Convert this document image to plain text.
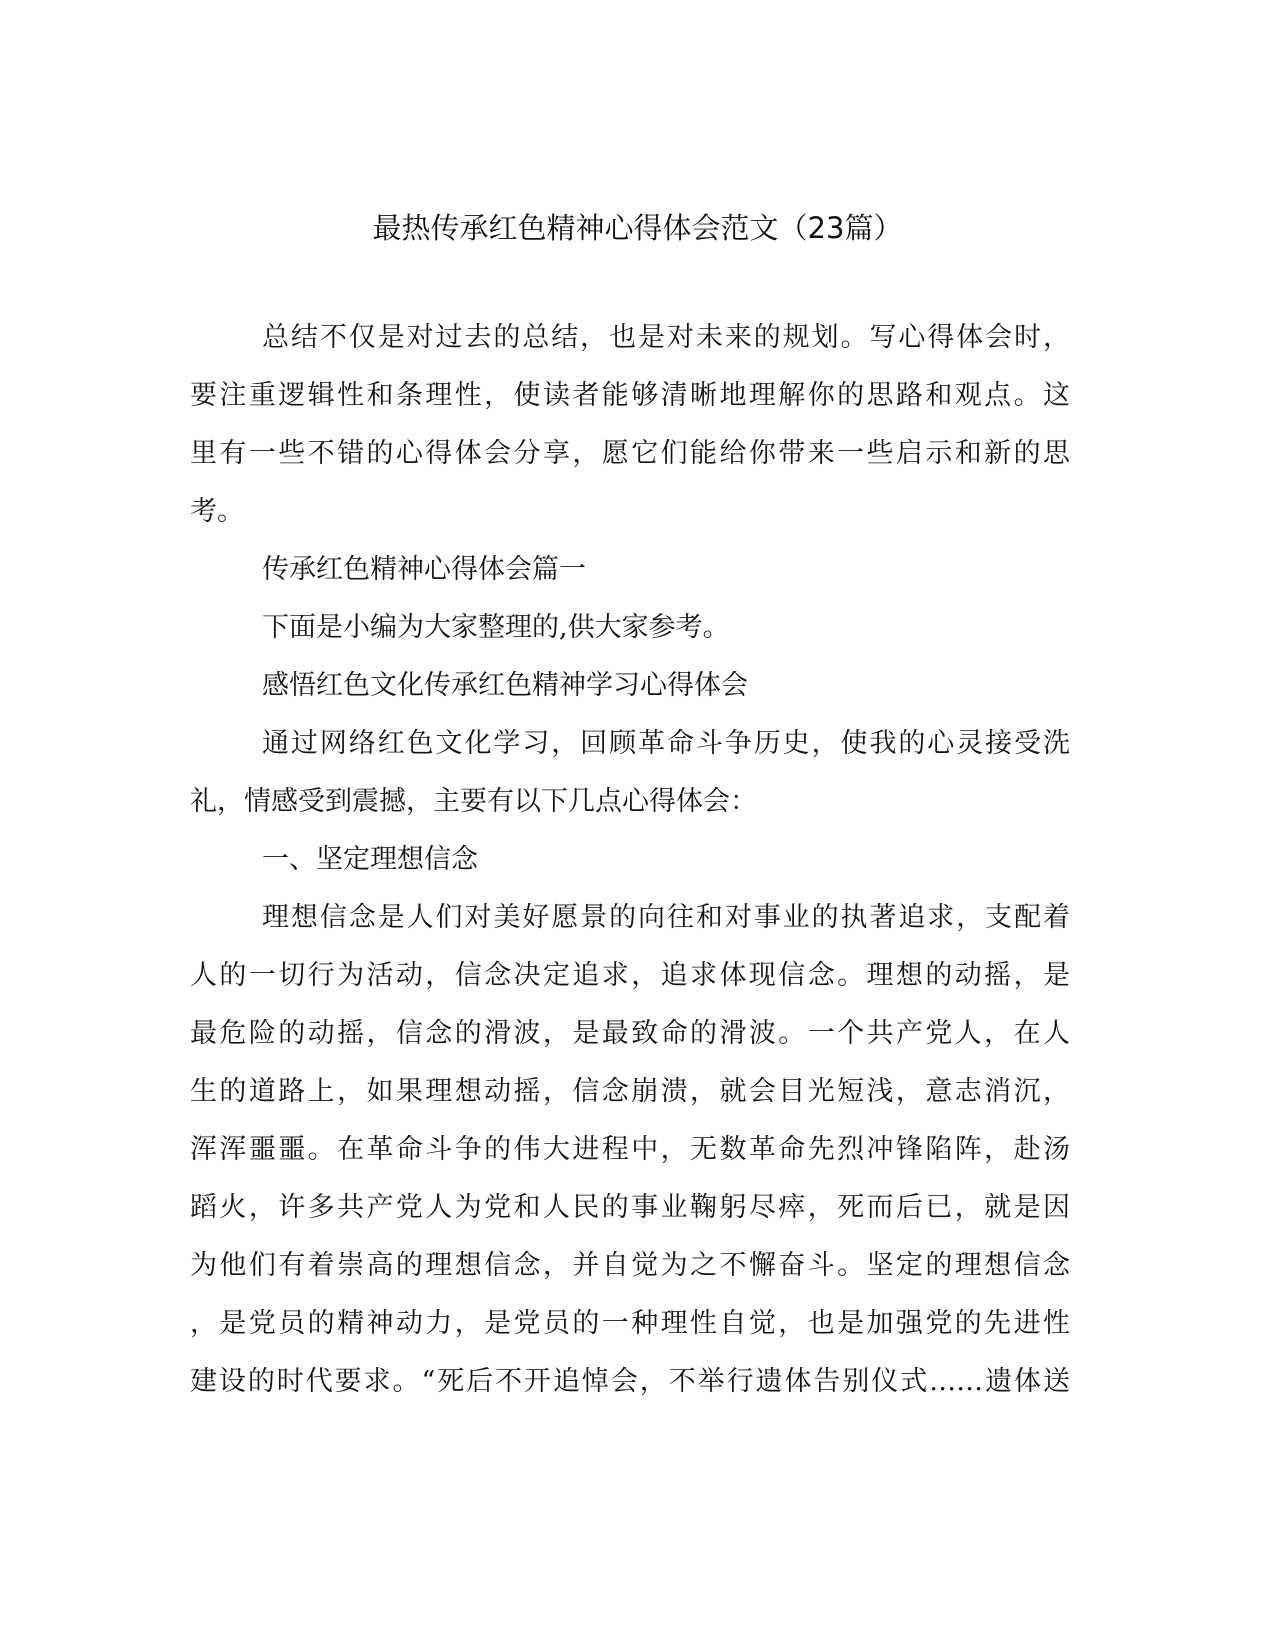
最热传承红色精神心得体会范文（23篇）
总结不仅是对过去的总结，也是对未来的规划。写心得体会时，
要注重逻辑性和条理性，使读者能够清晰地理解你的思路和观点。这
里有一些不错的心得体会分享，愿它们能给你带来一些启示和新的思
考。
传承红色精神心得体会篇一
下面是小编为大家整理的,供大家参考。
感悟红色文化传承红色精神学习心得体会
通过网络红色文化学习，回顾革命斗争历史，使我的心灵接受洗
礼，情感受到震撼，主要有以下几点心得体会：
一、坚定理想信念
理想信念是人们对美好愿景的向往和对事业的执著追求，支配着
人的一切行为活动，信念决定追求，追求体现信念。理想的动摇，是
最危险的动摇，信念的滑波，是最致命的滑波。一个共产党人，在人
生的道路上，如果理想动摇，信念崩溃，就会目光短浅，意志消沉，
浑浑噩噩。在革命斗争的伟大进程中，无数革命先烈冲锋陷阵，赴汤
蹈火，许多共产党人为党和人民的事业鞠躬尽瘁，死而后已，就是因
为他们有着崇高的理想信念，并自觉为之不懈奋斗。坚定的理想信念
，是党员的精神动力，是党员的一种理性自觉，也是加强党的先进性
建设的时代要求。“死后不开追悼会，不举行遗体告别仪式……遗体送
